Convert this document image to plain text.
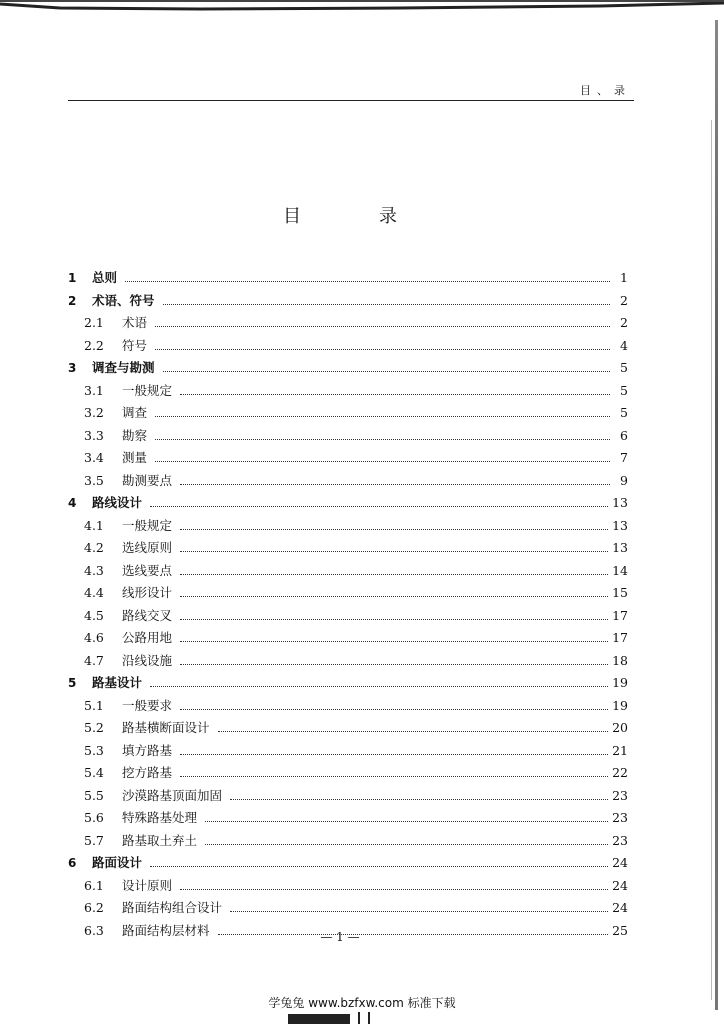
目、录
目　录
1	总则	1
2	术语、符号	2
2.1	术语	2
2.2	符号	4
3	调查与勘测	5
3.1	一般规定	5
3.2	调查	5
3.3	勘察	6
3.4	测量	7
3.5	勘测要点	9
4	路线设计	13
4.1	一般规定	13
4.2	选线原则	13
4.3	选线要点	14
4.4	线形设计	15
4.5	路线交叉	17
4.6	公路用地	17
4.7	沿线设施	18
5	路基设计	19
5.1	一般要求	19
5.2	路基横断面设计	20
5.3	填方路基	21
5.4	挖方路基	22
5.5	沙漠路基顶面加固	23
5.6	特殊路基处理	23
5.7	路基取土弃土	23
6	路面设计	24
6.1	设计原则	24
6.2	路面结构组合设计	24
6.3	路面结构层材料	25
— 1 —
学兔兔 www.bzfxw.com 标准下载
